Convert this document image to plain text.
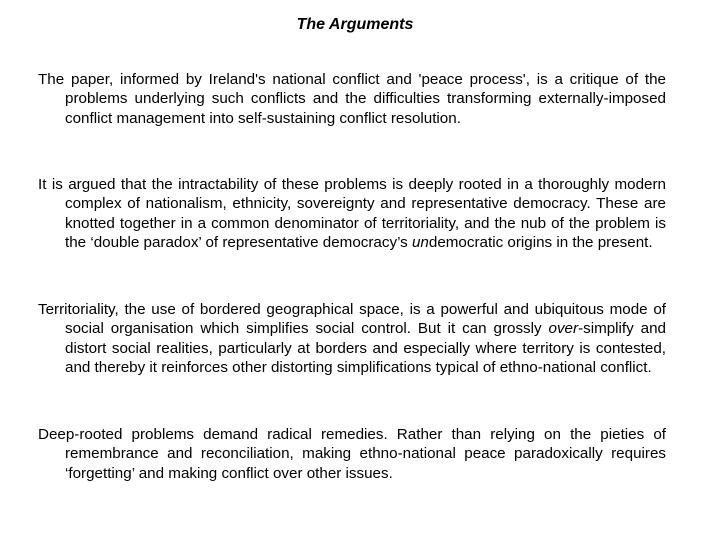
The Arguments

The paper, informed by Ireland's national conflict and 'peace process', is a critique of the problems underlying such conflicts and the difficulties transforming externally-imposed conflict management into self-sustaining conflict resolution.

It is argued that the intractability of these problems is deeply rooted in a thoroughly modern complex of nationalism, ethnicity, sovereignty and representative democracy. These are knotted together in a common denominator of territoriality, and the nub of the problem is the ‘double paradox’ of representative democracy’s undemocratic origins in the present.

Territoriality, the use of bordered geographical space, is a powerful and ubiquitous mode of social organisation which simplifies social control. But it can grossly over-simplify and distort social realities, particularly at borders and especially where territory is contested, and thereby it reinforces other distorting simplifications typical of ethno-national conflict.

Deep-rooted problems demand radical remedies. Rather than relying on the pieties of remembrance and reconciliation, making ethno-national peace paradoxically requires ‘forgetting’ and making conflict over other issues.
